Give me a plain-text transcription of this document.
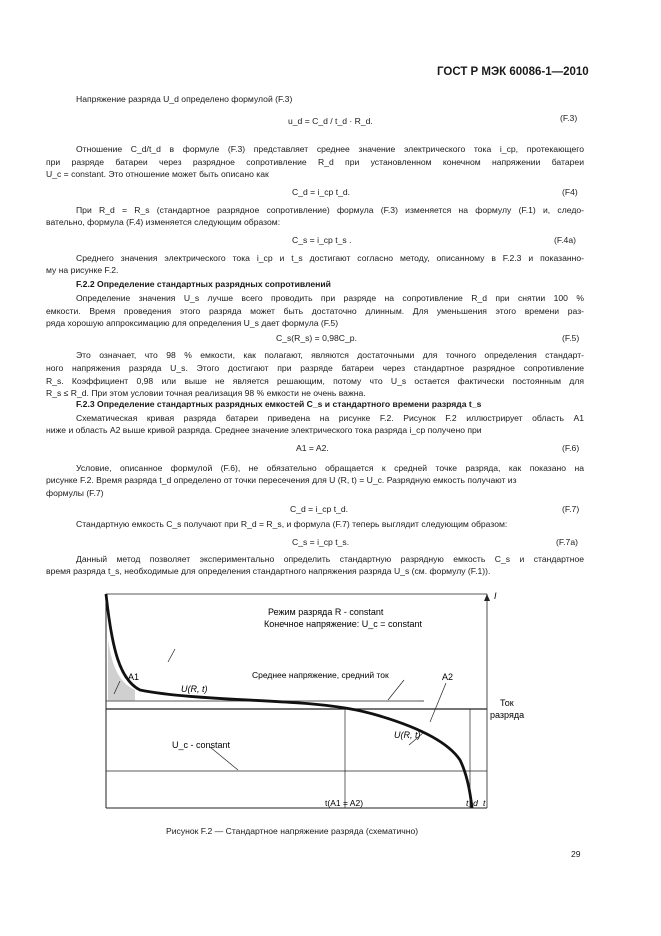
ГОСТ Р МЭК 60086-1—2010
Напряжение разряда U_d определено формулой (F.3)
u_d = C_d / t_d · R_d.	(F.3)
Отношение C_d/t_d в формуле (F.3) представляет среднее значение электрического тока i_ср, протекающего
при разряде батареи через разрядное сопротивление R_d при установленном конечном напряжении батареи
U_c = constant. Это отношение может быть описано как
C_d = i_ср t_d.	(F4)
При R_d = R_s (стандартное разрядное сопротивление) формула (F.3) изменяется на формулу (F.1) и, следо-
вательно, формула (F.4) изменяется следующим образом:
C_s = i_ср t_s .	(F.4a)
Среднего значения электрического тока i_ср и t_s достигают согласно методу, описанному в F.2.3 и показанно-
му на рисунке F.2.
F.2.2 Определение стандартных разрядных сопротивлений
Определение значения U_s лучше всего проводить при разряде на сопротивление R_d при снятии 100 %
емкости. Время проведения этого разряда может быть достаточно длинным. Для уменьшения этого времени раз-
ряда хорошую аппроксимацию для определения U_s дает формула (F.5)
C_s(R_s) = 0,98C_p.	(F.5)
Это означает, что 98 % емкости, как полагают, являются достаточными для точного определения стандарт-
ного напряжения разряда U_s. Этого достигают при разряде батареи через стандартное разрядное сопротивление
R_s. Коэффициент 0,98 или выше не является решающим, потому что U_s остается фактически постоянным для
R_s ≤ R_d. При этом условии точная реализация 98 % емкости не очень важна.
F.2.3 Определение стандартных разрядных емкостей C_s и стандартного времени разряда t_s
Схематическая кривая разряда батареи приведена на рисунке F.2. Рисунок F.2 иллюстрирует область A1
ниже и область A2 выше кривой разряда. Среднее значение электрического тока разряда i_ср получено при
A1 = A2.	(F.6)
Условие, описанное формулой (F.6), не обязательно обращается к средней точке разряда, как показано на
рисунке F.2. Время разряда t_d определено от точки пересечения для U (R, t) = U_c. Разрядную емкость получают из
формулы (F.7)
C_d = i_ср t_d.	(F.7)
Стандартную емкость C_s получают при R_d = R_s, и формула (F.7) теперь выглядит следующим образом:
C_s = i_ср t_s.	(F.7a)
Данный метод позволяет экспериментально определить стандартную разрядную емкость C_s и стандартное
время разряда t_s, необходимые для определения стандартного напряжения разряда U_s (см. формулу (F.1)).
Режим разряда R - constant
Конечное напряжение: U_c = constant
I
Среднее напряжение, средний ток
A1	A2
U(R, t)
U(R, t)
U_c - constant
Ток
разряда
t(A1 = A2)	t_d t
Рисунок F.2 — Стандартное напряжение разряда (схематично)
29
